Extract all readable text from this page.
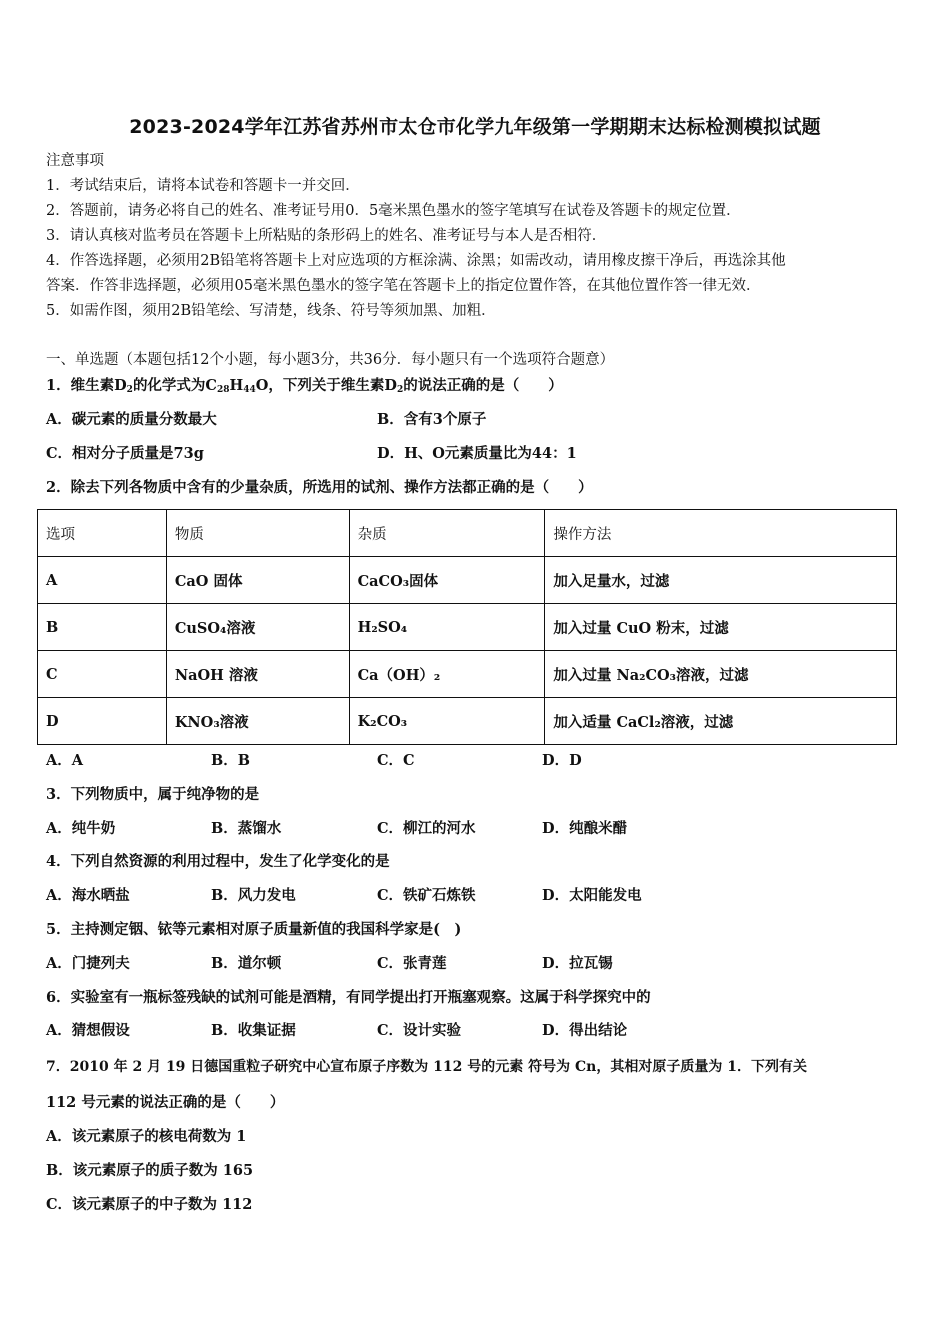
2023-2024学年江苏省苏州市太仓市化学九年级第一学期期末达标检测模拟试题
注意事项
1．考试结束后，请将本试卷和答题卡一并交回．
2．答题前，请务必将自己的姓名、准考证号用0．5毫米黑色墨水的签字笔填写在试卷及答题卡的规定位置．
3．请认真核对监考员在答题卡上所粘贴的条形码上的姓名、准考证号与本人是否相符．
4．作答选择题，必须用2B铅笔将答题卡上对应选项的方框涂满、涂黑；如需改动，请用橡皮擦干净后，再选涂其他
答案．作答非选择题，必须用05毫米黑色墨水的签字笔在答题卡上的指定位置作答，在其他位置作答一律无效．
5．如需作图，须用2B铅笔绘、写清楚，线条、符号等须加黑、加粗．
一、单选题（本题包括12个小题，每小题3分，共36分．每小题只有一个选项符合题意）
1．维生素$D_2$的化学式为$C_{28}H_{44}O$，下列关于维生素$D_2$的说法正确的是（　　）
A．碳元素的质量分数最大	B．含有3个原子
C．相对分子质量是73g	D．H、O元素质量比为44：1
2．除去下列各物质中含有的少量杂质，所选用的试剂、操作方法都正确的是（　　）
选项	物质	杂质	操作方法
A	CaO 固体	CaCO₃固体	加入足量水，过滤
B	CuSO₄溶液	H₂SO₄	加入过量 CuO 粉末，过滤
C	NaOH 溶液	Ca（OH）₂	加入过量 Na₂CO₃溶液，过滤
D	KNO₃溶液	K₂CO₃	加入适量 CaCl₂溶液，过滤
A．A	B．B	C．C	D．D
3．下列物质中，属于纯净物的是
A．纯牛奶	B．蒸馏水	C．柳江的河水	D．纯酿米醋
4．下列自然资源的利用过程中，发生了化学变化的是
A．海水晒盐	B．风力发电	C．铁矿石炼铁	D．太阳能发电
5．主持测定铟、铱等元素相对原子质量新值的我国科学家是(　)
A．门捷列夫	B．道尔顿	C．张青莲	D．拉瓦锡
6．实验室有一瓶标签残缺的试剂可能是酒精，有同学提出打开瓶塞观察。这属于科学探究中的
A．猜想假设	B．收集证据	C．设计实验	D．得出结论
7．2010 年 2 月 19 日德国重粒子研究中心宣布原子序数为 112 号的元素 符号为 Cn，其相对原子质量为 1．下列有关
112 号元素的说法正确的是（　　）
A．该元素原子的核电荷数为 1
B．该元素原子的质子数为 165
C．该元素原子的中子数为 112
